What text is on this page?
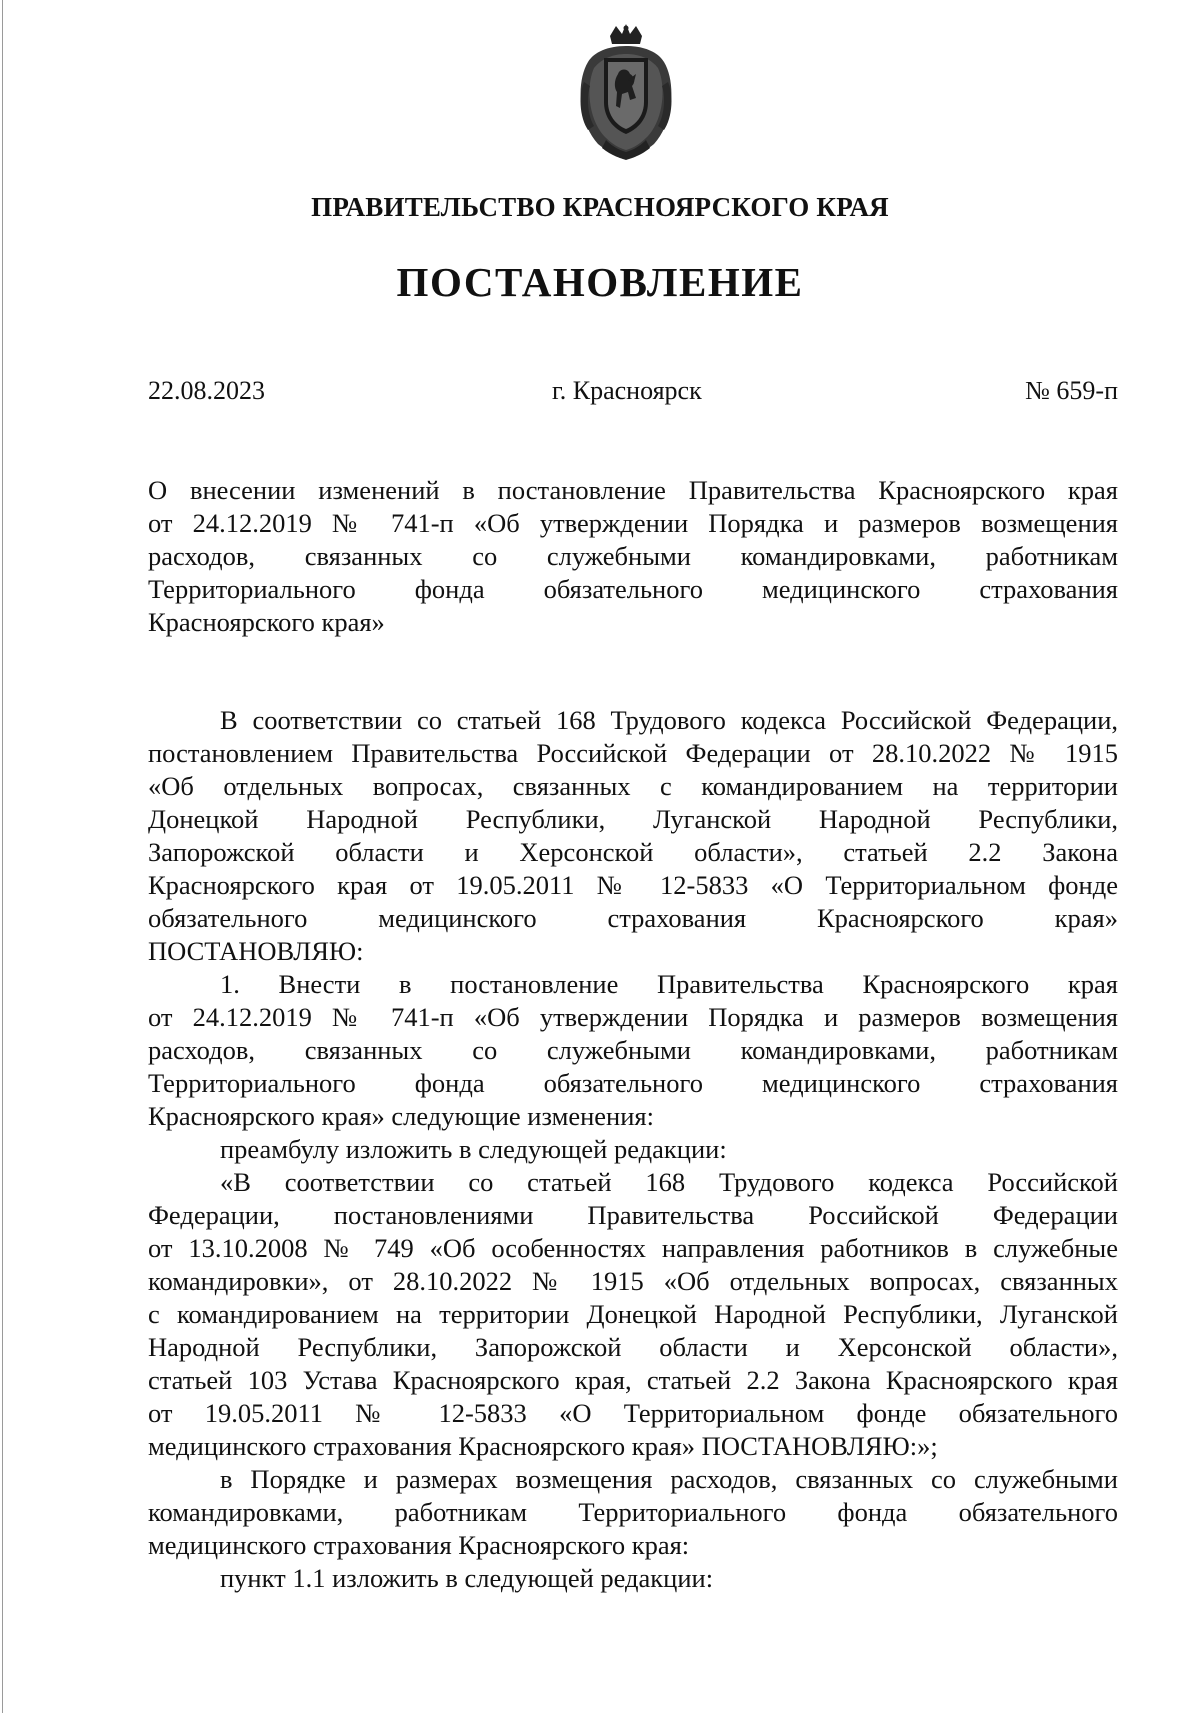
ПРАВИТЕЛЬСТВО КРАСНОЯРСКОГО КРАЯ
ПОСТАНОВЛЕНИЕ
22.08.2023	г. Красноярск	№ 659-п
О внесении изменений в постановление Правительства Красноярского края
от 24.12.2019 № 741-п «Об утверждении Порядка и размеров возмещения
расходов, связанных со служебными командировками, работникам
Территориального фонда обязательного медицинского страхования
Красноярского края»
В соответствии со статьей 168 Трудового кодекса Российской Федерации,
постановлением Правительства Российской Федерации от 28.10.2022 № 1915
«Об отдельных вопросах, связанных с командированием на территории
Донецкой Народной Республики, Луганской Народной Республики,
Запорожской области и Херсонской области», статьей 2.2 Закона
Красноярского края от 19.05.2011 № 12-5833 «О Территориальном фонде
обязательного медицинского страхования Красноярского края»
ПОСТАНОВЛЯЮ:
1. Внести в постановление Правительства Красноярского края
от 24.12.2019 № 741-п «Об утверждении Порядка и размеров возмещения
расходов, связанных со служебными командировками, работникам
Территориального фонда обязательного медицинского страхования
Красноярского края» следующие изменения:
преамбулу изложить в следующей редакции:
«В соответствии со статьей 168 Трудового кодекса Российской
Федерации, постановлениями Правительства Российской Федерации
от 13.10.2008 № 749 «Об особенностях направления работников в служебные
командировки», от 28.10.2022 № 1915 «Об отдельных вопросах, связанных
с командированием на территории Донецкой Народной Республики, Луганской
Народной Республики, Запорожской области и Херсонской области»,
статьей 103 Устава Красноярского края, статьей 2.2 Закона Красноярского края
от 19.05.2011 № 12-5833 «О Территориальном фонде обязательного
медицинского страхования Красноярского края» ПОСТАНОВЛЯЮ:»;
в Порядке и размерах возмещения расходов, связанных со служебными
командировками, работникам Территориального фонда обязательного
медицинского страхования Красноярского края:
пункт 1.1 изложить в следующей редакции:
